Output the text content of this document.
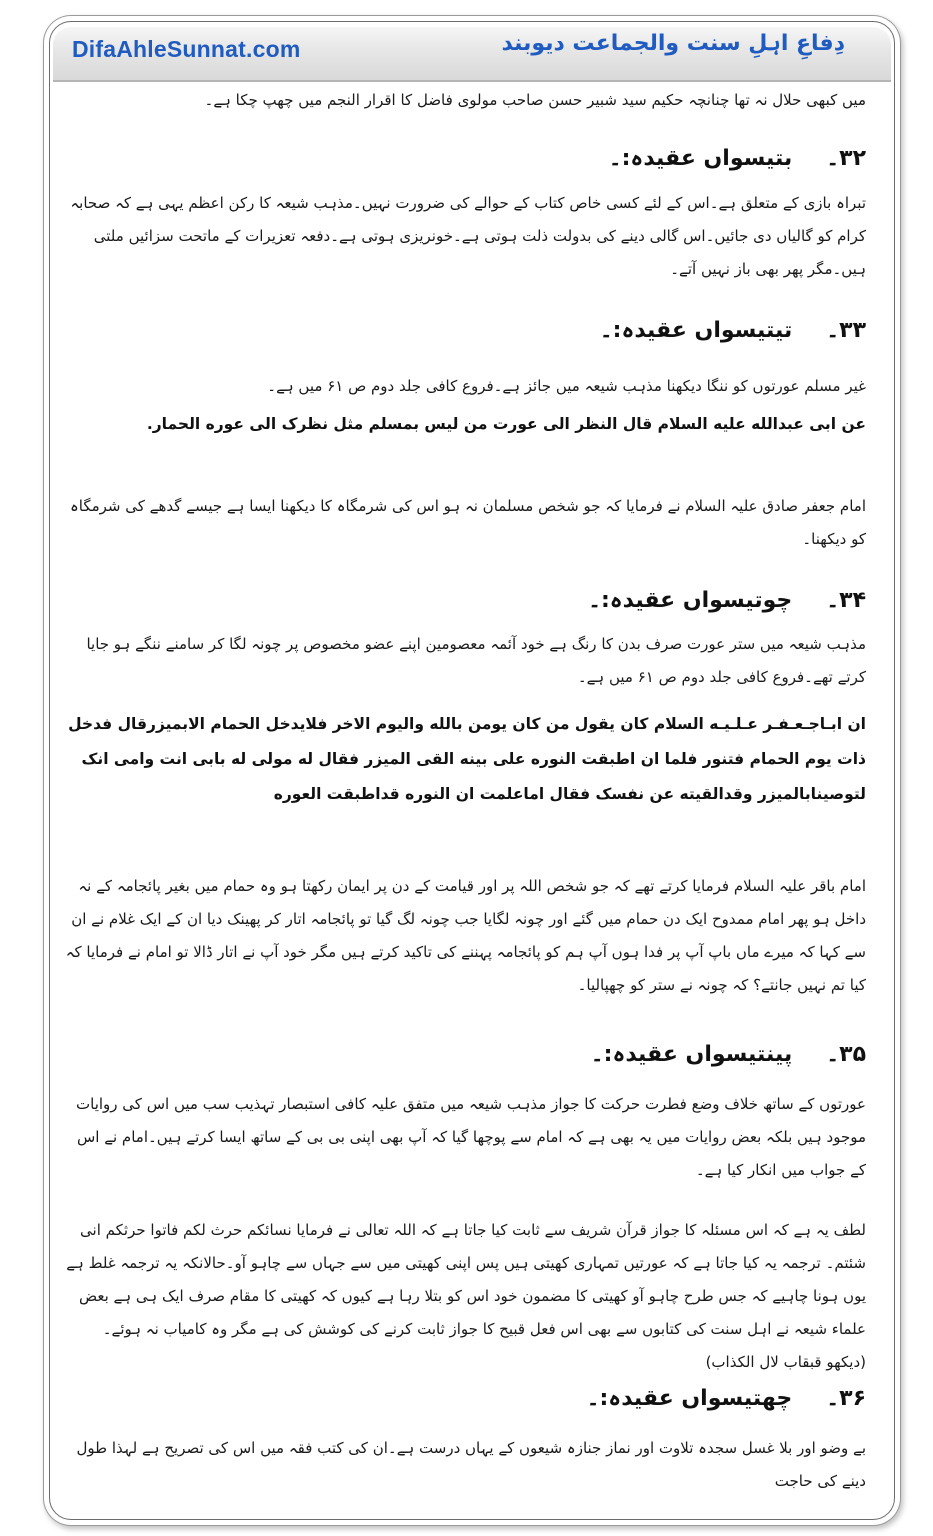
DifaAhleSunnat.com	دِفاعِ اہلِ سنت والجماعت دیوبند
میں کبھی حلال نہ تھا چنانچہ حکیم سید شبیر حسن صاحب مولوی فاضل کا اقرار النجم میں چھپ چکا ہے۔
۳۲۔بتیسواں عقیدہ:۔
تبراہ بازی کے متعلق ہے۔اس کے لئے کسی خاص کتاب کے حوالے کی ضرورت نہیں۔مذہب شیعہ کا رکن اعظم یہی ہے کہ صحابہ کرام کو گالیاں دی جائیں۔اس گالی دینے کی بدولت ذلت ہوتی ہے۔خونریزی ہوتی ہے۔دفعہ تعزیرات کے ماتحت سزائیں ملتی ہیں۔مگر پھر بھی باز نہیں آتے۔
۳۳۔تیتیسواں عقیدہ:۔
غیر مسلم عورتوں کو ننگا دیکھنا مذہب شیعہ میں جائز ہے۔فروع کافی جلد دوم ص ۶۱ میں ہے۔
عن ابی عبدالله علیه السلام قال النظر الی عورت من لیس بمسلم مثل نظرک الی عوره الحمار.
امام جعفر صادق علیہ السلام نے فرمایا کہ جو شخص مسلمان نہ ہو اس کی شرمگاہ کا دیکھنا ایسا ہے جیسے گدھے کی شرمگاہ کو دیکھنا۔
۳۴۔چوتیسواں عقیدہ:۔
مذہب شیعہ میں ستر عورت صرف بدن کا رنگ ہے خود آئمہ معصومین اپنے عضو مخصوص پر چونہ لگا کر سامنے ننگے ہو جایا کرتے تھے۔فروع کافی جلد دوم ص ۶۱ میں ہے۔
ان ابـاجـعـفـر عـلـيـه السلام کان یقول من کان یومن بالله والیوم الاخر فلایدخل الحمام الابمیزرقال فدخل ذات یوم الحمام فتنور فلما ان اطبقت النوره علی بینه القی المیزر فقال له مولی له بابی انت وامی انک لتوصینابالمیزر وقدالقیته عن نفسک فقال اماعلمت ان النوره قداطبقت العوره
امام باقر علیہ السلام فرمایا کرتے تھے کہ جو شخص اللہ پر اور قیامت کے دن پر ایمان رکھتا ہو وہ حمام میں بغیر پائجامہ کے نہ داخل ہو پھر امام ممدوح ایک دن حمام میں گئے اور چونہ لگایا جب چونہ لگ گیا تو پائجامہ اتار کر پھینک دیا ان کے ایک غلام نے ان سے کہا کہ میرے ماں باپ آپ پر فدا ہوں آپ ہم کو پائجامہ پہننے کی تاکید کرتے ہیں مگر خود آپ نے اتار ڈالا تو امام نے فرمایا کہ کیا تم نہیں جانتے؟ کہ چونہ نے ستر کو چھپالیا۔
۳۵۔پینتیسواں عقیدہ:۔
عورتوں کے ساتھ خلاف وضع فطرت حرکت کا جواز مذہب شیعہ میں متفق علیہ کافی استبصار تہذیب سب میں اس کی روایات موجود ہیں بلکہ بعض روایات میں یہ بھی ہے کہ امام سے پوچھا گیا کہ آپ بھی اپنی بی بی کے ساتھ ایسا کرتے ہیں۔امام نے اس کے جواب میں انکار کیا ہے۔
لطف یہ ہے کہ اس مسئلہ کا جواز قرآن شریف سے ثابت کیا جاتا ہے کہ اللہ تعالی نے فرمایا نسائکم حرث لکم فاتوا حرثکم انی شئتم۔ ترجمہ یہ کیا جاتا ہے کہ عورتیں تمہاری کھیتی ہیں پس اپنی کھیتی میں سے جہاں سے چاہو آو۔حالانکہ یہ ترجمہ غلط ہے یوں ہونا چاہیے کہ جس طرح چاہو آو کھیتی کا مضمون خود اس کو بتلا رہا ہے کیوں کہ کھیتی کا مقام صرف ایک ہی ہے بعض علماء شیعہ نے اہل سنت کی کتابوں سے بھی اس فعل قبیح کا جواز ثابت کرنے کی کوشش کی ہے مگر وہ کامیاب نہ ہوئے۔(دیکھو قبقاب لال الکذاب)
۳۶۔چھتیسواں عقیدہ:۔
بے وضو اور بلا غسل سجدہ تلاوت اور نماز جنازہ شیعوں کے یہاں درست ہے۔ان کی کتب فقہ میں اس کی تصریح ہے لہذا طول دینے کی حاجت
